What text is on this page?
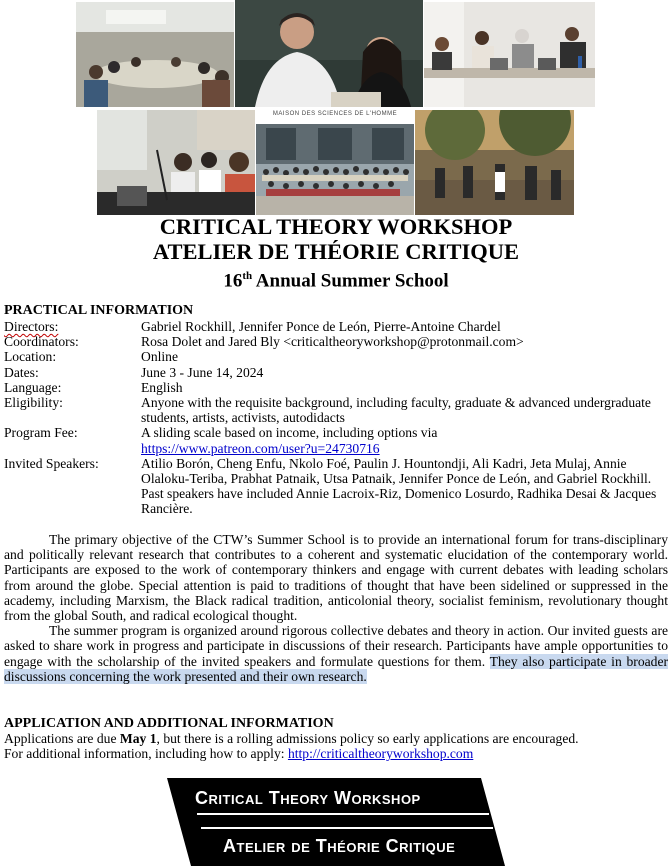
MAISON DES SCIENCES DE L'HOMME
CRITICAL THEORY WORKSHOP
ATELIER DE THÉORIE CRITIQUE
16th Annual Summer School
PRACTICAL INFORMATION
Directors:	Gabriel Rockhill, Jennifer Ponce de León, Pierre-Antoine Chardel
Coordinators:	Rosa Dolet and Jared Bly <criticaltheoryworkshop@protonmail.com>
Location:	Online
Dates:	June 3 - June 14, 2024
Language:	English
Eligibility:	Anyone with the requisite background, including faculty, graduate & advanced undergraduate students, artists, activists, autodidacts
Program Fee:	A sliding scale based on income, including options via
https://www.patreon.com/user?u=24730716
Invited Speakers:	Atilio Borón, Cheng Enfu, Nkolo Foé, Paulin J. Hountondji, Ali Kadri, Jeta Mulaj, Annie Olaloku-Teriba, Prabhat Patnaik, Utsa Patnaik, Jennifer Ponce de León, and Gabriel Rockhill. Past speakers have included Annie Lacroix-Riz, Domenico Losurdo, Radhika Desai & Jacques Rancière.

The primary objective of the CTW’s Summer School is to provide an international forum for trans-disciplinary and politically relevant research that contributes to a coherent and systematic elucidation of the contemporary world. Participants are exposed to the work of contemporary thinkers and engage with current debates with leading scholars from around the globe. Special attention is paid to traditions of thought that have been sidelined or suppressed in the academy, including Marxism, the Black radical tradition, anticolonial theory, socialist feminism, revolutionary thought from the global South, and radical ecological thought.

The summer program is organized around rigorous collective debates and theory in action. Our invited guests are asked to share work in progress and participate in discussions of their research. Participants have ample opportunities to engage with the scholarship of the invited speakers and formulate questions for them. They also participate in broader discussions concerning the work presented and their own research.

APPLICATION AND ADDITIONAL INFORMATION
Applications are due May 1, but there is a rolling admissions policy so early applications are encouraged.
For additional information, including how to apply: http://criticaltheoryworkshop.com
Critical Theory Workshop
Atelier de Théorie Critique
